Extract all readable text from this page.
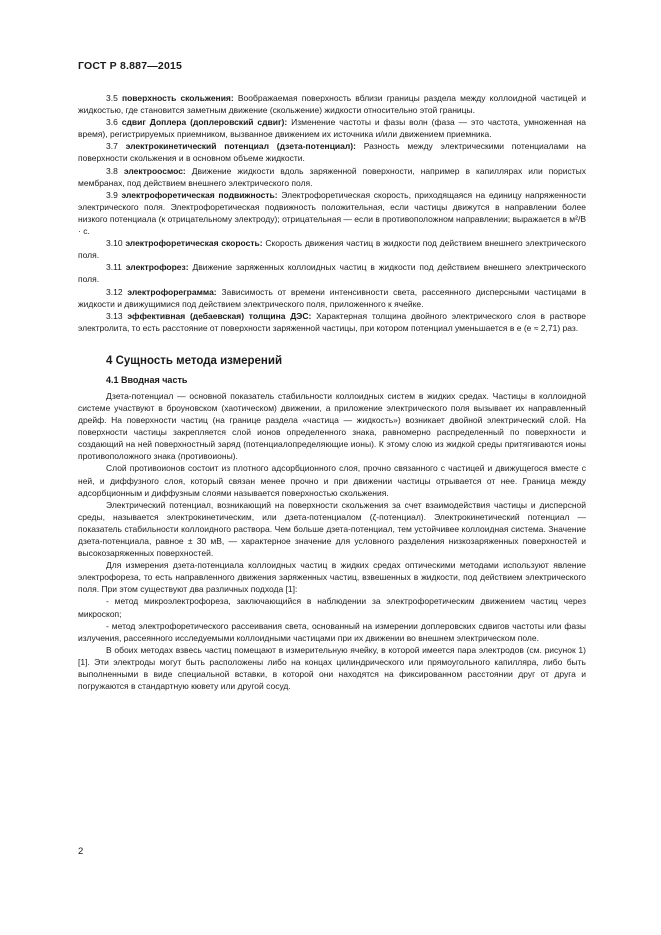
ГОСТ Р 8.887—2015

3.5 поверхность скольжения: Воображаемая поверхность вблизи границы раздела между коллоидной частицей и жидкостью, где становится заметным движение (скольжение) жидкости относительно этой границы.

3.6 сдвиг Доплера (доплеровский сдвиг): Изменение частоты и фазы волн (фаза — это частота, умноженная на время), регистрируемых приемником, вызванное движением их источника и/или движением приемника.

3.7 электрокинетический потенциал (дзета-потенциал): Разность между электрическими потенциалами на поверхности скольжения и в основном объеме жидкости.

3.8 электроосмос: Движение жидкости вдоль заряженной поверхности, например в капиллярах или пористых мембранах, под действием внешнего электрического поля.

3.9 электрофоретическая подвижность: Электрофоретическая скорость, приходящаяся на единицу напряженности электрического поля. Электрофоретическая подвижность положительная, если частицы движутся в направлении более низкого потенциала (к отрицательному электроду); отрицательная — если в противоположном направлении; выражается в м²/В · с.

3.10 электрофоретическая скорость: Скорость движения частиц в жидкости под действием внешнего электрического поля.

3.11 электрофорез: Движение заряженных коллоидных частиц в жидкости под действием внешнего электрического поля.

3.12 электрофореграмма: Зависимость от времени интенсивности света, рассеянного дисперсными частицами в жидкости и движущимися под действием электрического поля, приложенного к ячейке.

3.13 эффективная (дебаевская) толщина ДЭС: Характерная толщина двойного электрического слоя в растворе электролита, то есть расстояние от поверхности заряженной частицы, при котором потенциал уменьшается в e (e ≈ 2,71) раз.

4 Сущность метода измерений
4.1 Вводная часть

Дзета-потенциал — основной показатель стабильности коллоидных систем в жидких средах. Частицы в коллоидной системе участвуют в броуновском (хаотическом) движении, а приложение электрического поля вызывает их направленный дрейф. На поверхности частиц (на границе раздела «частица — жидкость») возникает двойной электрический слой. На поверхности частицы закрепляется слой ионов определенного знака, равномерно распределенный по поверхности и создающий на ней поверхностный заряд (потенциалопределяющие ионы). К этому слою из жидкой среды притягиваются ионы противоположного знака (противоионы).

Слой противоионов состоит из плотного адсорбционного слоя, прочно связанного с частицей и движущегося вместе с ней, и диффузного слоя, который связан менее прочно и при движении частицы отрывается от нее. Граница между адсорбционным и диффузным слоями называется поверхностью скольжения.

Электрический потенциал, возникающий на поверхности скольжения за счет взаимодействия частицы и дисперсной среды, называется электрокинетическим, или дзета-потенциалом (ζ-потенциал). Электрокинетический потенциал — показатель стабильности коллоидного раствора. Чем больше дзета-потенциал, тем устойчивее коллоидная система. Значение дзета-потенциала, равное ± 30 мВ, — характерное значение для условного разделения низкозаряженных поверхностей и высокозаряженных поверхностей.

Для измерения дзета-потенциала коллоидных частиц в жидких средах оптическими методами используют явление электрофореза, то есть направленного движения заряженных частиц, взвешенных в жидкости, под действием электрического поля. При этом существуют два различных подхода [1]:

- метод микроэлектрофореза, заключающийся в наблюдении за электрофоретическим движением частиц через микроскоп;

- метод электрофоретического рассеивания света, основанный на измерении доплеровских сдвигов частоты или фазы излучения, рассеянного исследуемыми коллоидными частицами при их движении во внешнем электрическом поле.

В обоих методах взвесь частиц помещают в измерительную ячейку, в которой имеется пара электродов (см. рисунок 1) [1]. Эти электроды могут быть расположены либо на концах цилиндрического или прямоугольного капилляра, либо быть выполненными в виде специальной вставки, в которой они находятся на фиксированном расстоянии друг от друга и погружаются в стандартную кювету или другой сосуд.

2
